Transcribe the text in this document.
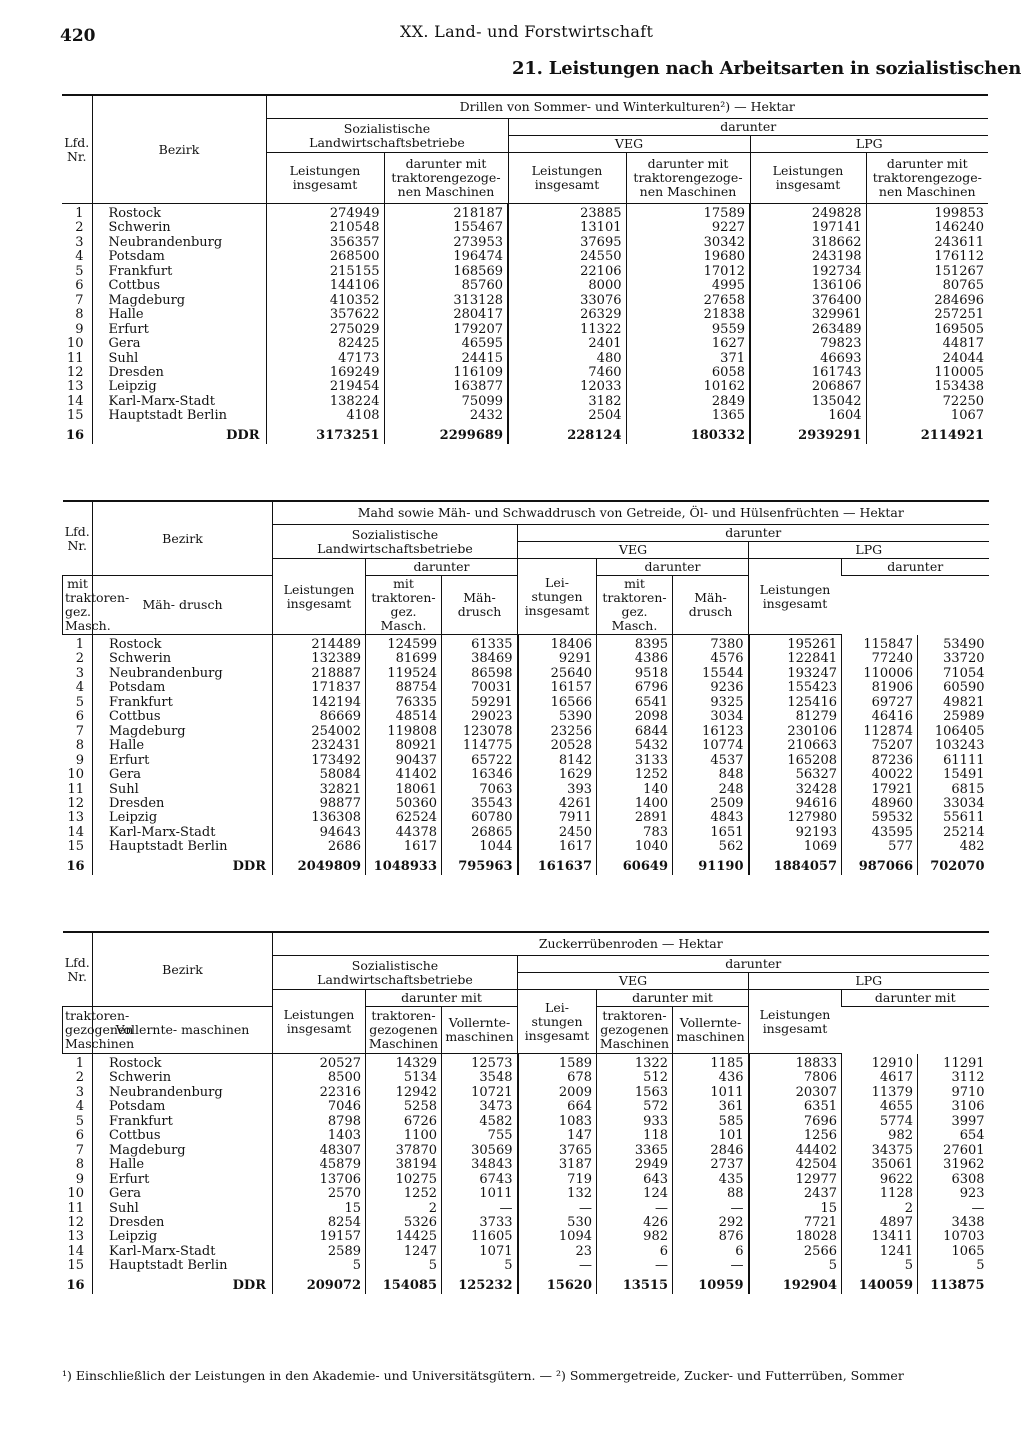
420	XX. Land- und Forstwirtschaft
21. Leistungen nach Arbeitsarten in sozialistischen
Lfd. Nr.	Bezirk	Drillen von Sommer- und Winterkulturen²) — Hektar					
		Sozialistische Landwirtschaftsbetriebe		darunter			
				VEG		LPG	
		Leistungen insgesamt	darunter mit traktorengezoge- nen Maschinen	Leistungen insgesamt	darunter mit traktorengezoge- nen Maschinen	Leistungen insgesamt	darunter mit traktorengezoge- nen Maschinen
1	Rostock	274949	218187	23885	17589	249828	199853
2	Schwerin	210548	155467	13101	9227	197141	146240
3	Neubrandenburg	356357	273953	37695	30342	318662	243611
4	Potsdam	268500	196474	24550	19680	243198	176112
5	Frankfurt	215155	168569	22106	17012	192734	151267
6	Cottbus	144106	85760	8000	4995	136106	80765
7	Magdeburg	410352	313128	33076	27658	376400	284696
8	Halle	357622	280417	26329	21838	329961	257251
9	Erfurt	275029	179207	11322	9559	263489	169505
10	Gera	82425	46595	2401	1627	79823	44817
11	Suhl	47173	24415	480	371	46693	24044
12	Dresden	169249	116109	7460	6058	161743	110005
13	Leipzig	219454	163877	12033	10162	206867	153438
14	Karl-Marx-Stadt	138224	75099	3182	2849	135042	72250
15	Hauptstadt Berlin	4108	2432	2504	1365	1604	1067
16	DDR	3173251	2299689	228124	180332	2939291	2114921
Lfd. Nr.	Bezirk	Mahd sowie Mäh- und Schwaddrusch von Getreide, Öl- und Hülsenfrüchten — Hektar								
		Sozialistische Landwirtschaftsbetriebe			darunter					
					VEG			LPG		
		Leistungen insgesamt	darunter		Lei- stungen insgesamt	darunter		Leistungen insgesamt	darunter	
mit traktoren- gez. Masch.	Mäh- drusch		mit traktoren- gez. Masch.	Mäh- drusch		mit traktoren- gez. Masch.	Mäh- drusch			
1	Rostock	214489	124599	61335	18406	8395	7380	195261	115847	53490
2	Schwerin	132389	81699	38469	9291	4386	4576	122841	77240	33720
3	Neubrandenburg	218887	119524	86598	25640	9518	15544	193247	110006	71054
4	Potsdam	171837	88754	70031	16157	6796	9236	155423	81906	60590
5	Frankfurt	142194	76335	59291	16566	6541	9325	125416	69727	49821
6	Cottbus	86669	48514	29023	5390	2098	3034	81279	46416	25989
7	Magdeburg	254002	119808	123078	23256	6844	16123	230106	112874	106405
8	Halle	232431	80921	114775	20528	5432	10774	210663	75207	103243
9	Erfurt	173492	90437	65722	8142	3133	4537	165208	87236	61111
10	Gera	58084	41402	16346	1629	1252	848	56327	40022	15491
11	Suhl	32821	18061	7063	393	140	248	32428	17921	6815
12	Dresden	98877	50360	35543	4261	1400	2509	94616	48960	33034
13	Leipzig	136308	62524	60780	7911	2891	4843	127980	59532	55611
14	Karl-Marx-Stadt	94643	44378	26865	2450	783	1651	92193	43595	25214
15	Hauptstadt Berlin	2686	1617	1044	1617	1040	562	1069	577	482
16	DDR	2049809	1048933	795963	161637	60649	91190	1884057	987066	702070
Lfd. Nr.	Bezirk	Zuckerrübenroden — Hektar								
		Sozialistische Landwirtschaftsbetriebe			darunter					
					VEG			LPG		
		Leistungen insgesamt	darunter mit		Lei- stungen insgesamt	darunter mit		Leistungen insgesamt	darunter mit	
traktoren- gezogenen Maschinen	Vollernte- maschinen		traktoren- gezogenen Maschinen	Vollernte- maschinen		traktoren- gezogenen Maschinen	Vollernte- maschinen			
1	Rostock	20527	14329	12573	1589	1322	1185	18833	12910	11291
2	Schwerin	8500	5134	3548	678	512	436	7806	4617	3112
3	Neubrandenburg	22316	12942	10721	2009	1563	1011	20307	11379	9710
4	Potsdam	7046	5258	3473	664	572	361	6351	4655	3106
5	Frankfurt	8798	6726	4582	1083	933	585	7696	5774	3997
6	Cottbus	1403	1100	755	147	118	101	1256	982	654
7	Magdeburg	48307	37870	30569	3765	3365	2846	44402	34375	27601
8	Halle	45879	38194	34843	3187	2949	2737	42504	35061	31962
9	Erfurt	13706	10275	6743	719	643	435	12977	9622	6308
10	Gera	2570	1252	1011	132	124	88	2437	1128	923
11	Suhl	15	2	—	—	—	—	15	2	—
12	Dresden	8254	5326	3733	530	426	292	7721	4897	3438
13	Leipzig	19157	14425	11605	1094	982	876	18028	13411	10703
14	Karl-Marx-Stadt	2589	1247	1071	23	6	6	2566	1241	1065
15	Hauptstadt Berlin	5	5	5	—	—	—	5	5	5
16	DDR	209072	154085	125232	15620	13515	10959	192904	140059	113875
¹) Einschließlich der Leistungen in den Akademie- und Universitätsgütern. — ²) Sommergetreide, Zucker- und Futterrüben, Sommer
